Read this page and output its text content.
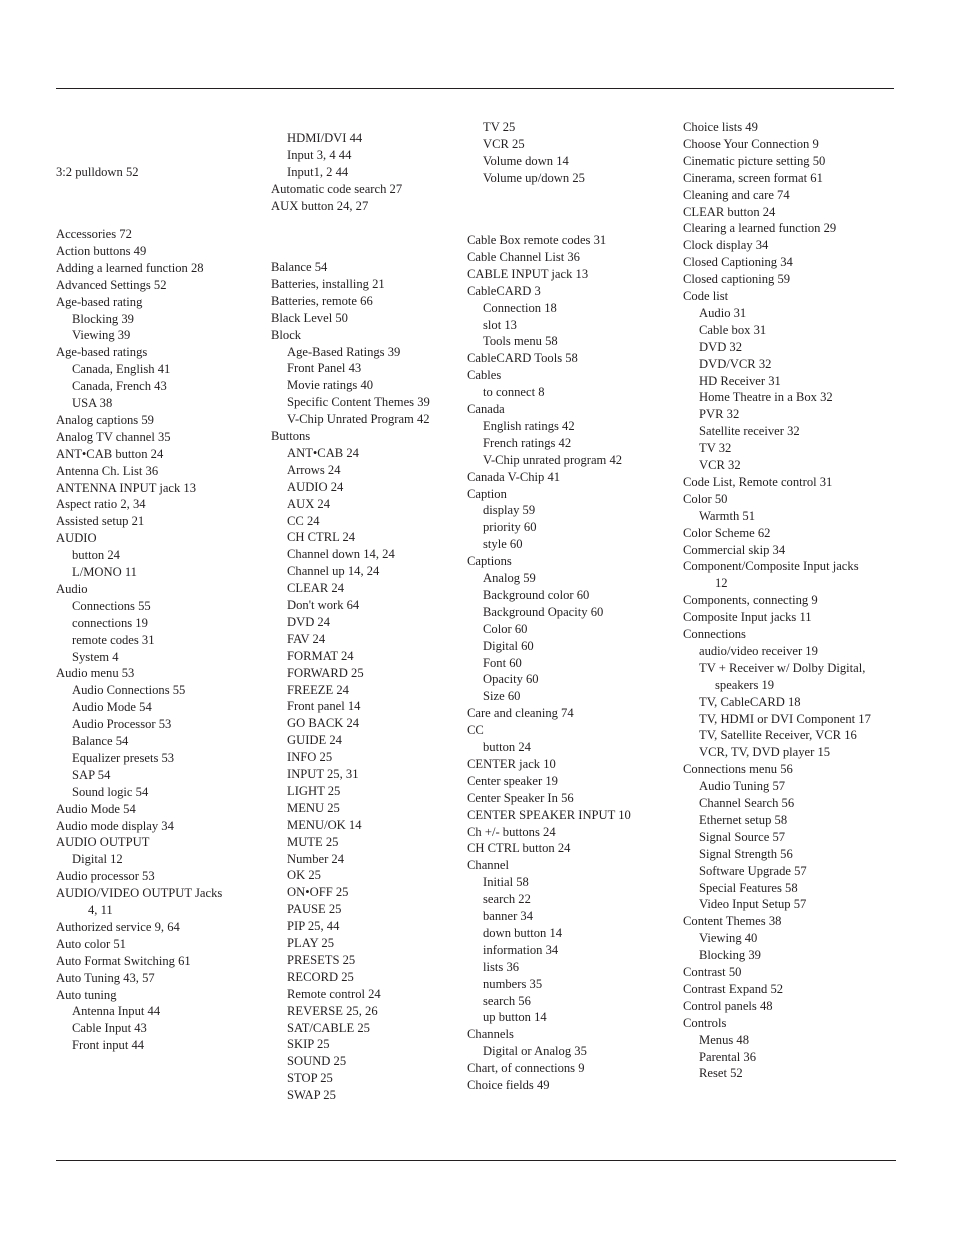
3:2 pulldown 52
Accessories 72
Action buttons 49
Adding a learned function 28
Advanced Settings 52
Age-based rating
Blocking 39
Viewing 39
Age-based ratings
Canada, English 41
Canada, French 43
USA 38
Analog captions 59
Analog TV channel 35
ANT•CAB button 24
Antenna Ch. List 36
ANTENNA INPUT jack 13
Aspect ratio 2, 34
Assisted setup 21
AUDIO
button 24
L/MONO 11
Audio
Connections 55
connections 19
remote codes 31
System 4
Audio menu 53
Audio Connections 55
Audio Mode 54
Audio Processor 53
Balance 54
Equalizer presets 53
SAP 54
Sound logic 54
Audio Mode 54
Audio mode display 34
AUDIO OUTPUT
Digital 12
Audio processor 53
AUDIO/VIDEO OUTPUT Jacks
4, 11
Authorized service 9, 64
Auto color 51
Auto Format Switching 61
Auto Tuning 43, 57
Auto tuning
Antenna Input 44
Cable Input 43
Front input 44
HDMI/DVI 44
Input 3, 4 44
Input1, 2 44
Automatic code search 27
AUX button 24, 27
Balance 54
Batteries, installing 21
Batteries, remote 66
Black Level 50
Block
Age-Based Ratings 39
Front Panel 43
Movie ratings 40
Specific Content Themes 39
V-Chip Unrated Program 42
Buttons
ANT•CAB 24
Arrows 24
AUDIO 24
AUX 24
CC 24
CH CTRL 24
Channel down 14, 24
Channel up 14, 24
CLEAR 24
Don't work 64
DVD 24
FAV 24
FORMAT 24
FORWARD 25
FREEZE 24
Front panel 14
GO BACK 24
GUIDE 24
INFO 25
INPUT 25, 31
LIGHT 25
MENU 25
MENU/OK 14
MUTE 25
Number 24
OK 25
ON•OFF 25
PAUSE 25
PIP 25, 44
PLAY 25
PRESETS 25
RECORD 25
Remote control 24
REVERSE 25, 26
SAT/CABLE 25
SKIP 25
SOUND 25
STOP 25
SWAP 25
TV 25
VCR 25
Volume down 14
Volume up/down 25
Cable Box remote codes 31
Cable Channel List 36
CABLE INPUT jack 13
CableCARD 3
Connection 18
slot 13
Tools menu 58
CableCARD Tools 58
Cables
to connect 8
Canada
English ratings 42
French ratings 42
V-Chip unrated program 42
Canada V-Chip 41
Caption
display 59
priority 60
style 60
Captions
Analog 59
Background color 60
Background Opacity 60
Color 60
Digital 60
Font 60
Opacity 60
Size 60
Care and cleaning 74
CC
button 24
CENTER jack 10
Center speaker 19
Center Speaker In 56
CENTER SPEAKER INPUT 10
Ch +/- buttons 24
CH CTRL button 24
Channel
Initial 58
search 22
banner 34
down button 14
information 34
lists 36
numbers 35
search 56
up button 14
Channels
Digital or Analog 35
Chart, of connections 9
Choice fields 49
Choice lists 49
Choose Your Connection 9
Cinematic picture setting 50
Cinerama, screen format 61
Cleaning and care 74
CLEAR button 24
Clearing a learned function 29
Clock display 34
Closed Captioning 34
Closed captioning 59
Code list
Audio 31
Cable box 31
DVD 32
DVD/VCR 32
HD Receiver 31
Home Theatre in a Box 32
PVR 32
Satellite receiver 32
TV 32
VCR 32
Code List, Remote control 31
Color 50
Warmth 51
Color Scheme 62
Commercial skip 34
Component/Composite Input jacks
12
Components, connecting 9
Composite Input jacks 11
Connections
audio/video receiver 19
TV + Receiver w/ Dolby Digital,
speakers 19
TV, CableCARD 18
TV, HDMI or DVI Component 17
TV, Satellite Receiver, VCR 16
VCR, TV, DVD player 15
Connections menu 56
Audio Tuning 57
Channel Search 56
Ethernet setup 58
Signal Source 57
Signal Strength 56
Software Upgrade 57
Special Features 58
Video Input Setup 57
Content Themes 38
Viewing 40
Blocking 39
Contrast 50
Contrast Expand 52
Control panels 48
Controls
Menus 48
Parental 36
Reset 52
